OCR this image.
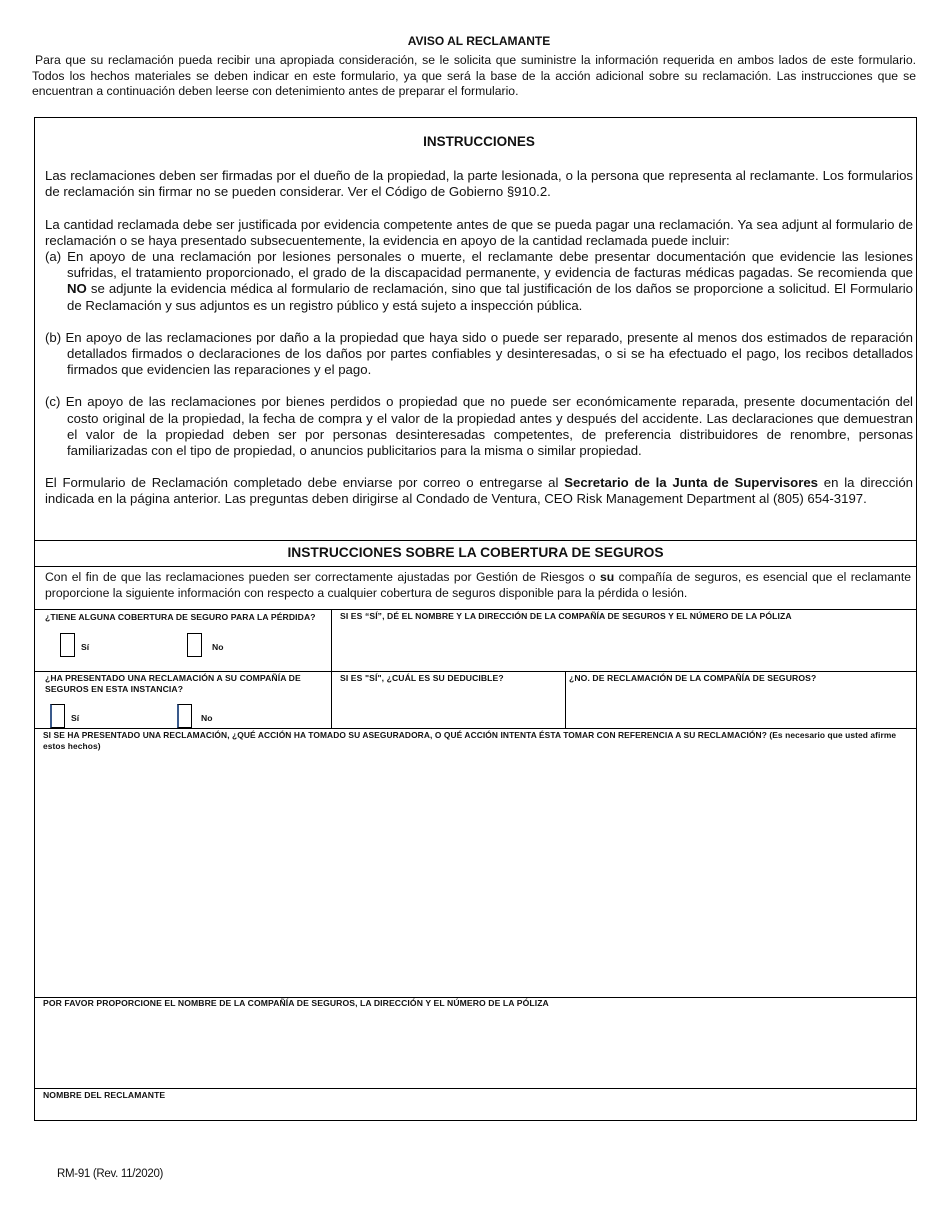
AVISO AL RECLAMANTE
Para que su reclamación pueda recibir una apropiada consideración, se le solicita que suministre la información requerida en ambos lados de este formulario. Todos los hechos materiales se deben indicar en este formulario, ya que será la base de la acción adicional sobre su reclamación. Las instrucciones que se encuentran a continuación deben leerse con detenimiento antes de preparar el formulario.
INSTRUCCIONES

Las reclamaciones deben ser firmadas por el dueño de la propiedad, la parte lesionada, o la persona que representa al reclamante. Los formularios de reclamación sin firmar no se pueden considerar. Ver el Código de Gobierno §910.2.

La cantidad reclamada debe ser justificada por evidencia competente antes de que se pueda pagar una reclamación. Ya sea adjunt al formulario de reclamación o se haya presentado subsecuentemente, la evidencia en apoyo de la cantidad reclamada puede incluir:

(a) En apoyo de una reclamación por lesiones personales o muerte, el reclamante debe presentar documentación que evidencie las lesiones sufridas, el tratamiento proporcionado, el grado de la discapacidad permanente, y evidencia de facturas médicas pagadas. Se recomienda que NO se adjunte la evidencia médica al formulario de reclamación, sino que tal justificación de los daños se proporcione a solicitud. El Formulario de Reclamación y sus adjuntos es un registro público y está sujeto a inspección pública.

(b) En apoyo de las reclamaciones por daño a la propiedad que haya sido o puede ser reparado, presente al menos dos estimados de reparación detallados firmados o declaraciones de los daños por partes confiables y desinteresadas, o si se ha efectuado el pago, los recibos detallados firmados que evidencien las reparaciones y el pago.

(c) En apoyo de las reclamaciones por bienes perdidos o propiedad que no puede ser económicamente reparada, presente documentación del costo original de la propiedad, la fecha de compra y el valor de la propiedad antes y después del accidente. Las declaraciones que demuestran el valor de la propiedad deben ser por personas desinteresadas competentes, de preferencia distribuidores de renombre, personas familiarizadas con el tipo de propiedad, o anuncios publicitarios para la misma o similar propiedad.

El Formulario de Reclamación completado debe enviarse por correo o entregarse al Secretario de la Junta de Supervisores en la dirección indicada en la página anterior. Las preguntas deben dirigirse al Condado de Ventura, CEO Risk Management Department al (805) 654-3197.

INSTRUCCIONES SOBRE LA COBERTURA DE SEGUROS
Con el fin de que las reclamaciones pueden ser correctamente ajustadas por Gestión de Riesgos o su compañía de seguros, es esencial que el reclamante proporcione la siguiente información con respecto a cualquier cobertura de seguros disponible para la pérdida o lesión.
¿TIENE ALGUNA COBERTURA DE SEGURO PARA LA PÉRDIDA?
Sí	No
SI ES “SÍ”, DÉ EL NOMBRE Y LA DIRECCIÓN DE LA COMPAÑÍA DE SEGUROS Y EL NÚMERO DE LA PÓLIZA
¿HA PRESENTADO UNA RECLAMACIÓN A SU COMPAÑÍA DE SEGUROS EN ESTA INSTANCIA?
Sí	No
SI ES "SÍ", ¿CUÁL ES SU DEDUCIBLE?	¿NO. DE RECLAMACIÓN DE LA COMPAÑÍA DE SEGUROS?
SI SE HA PRESENTADO UNA RECLAMACIÓN, ¿QUÉ ACCIÓN HA TOMADO SU ASEGURADORA, O QUÉ ACCIÓN INTENTA ÉSTA TOMAR CON REFERENCIA A SU RECLAMACIÓN? (Es necesario que usted afirme estos hechos)
POR FAVOR PROPORCIONE EL NOMBRE DE LA COMPAÑÍA DE SEGUROS, LA DIRECCIÓN Y EL NÚMERO DE LA PÓLIZA
NOMBRE DEL RECLAMANTE
RM-91 (Rev. 11/2020)
